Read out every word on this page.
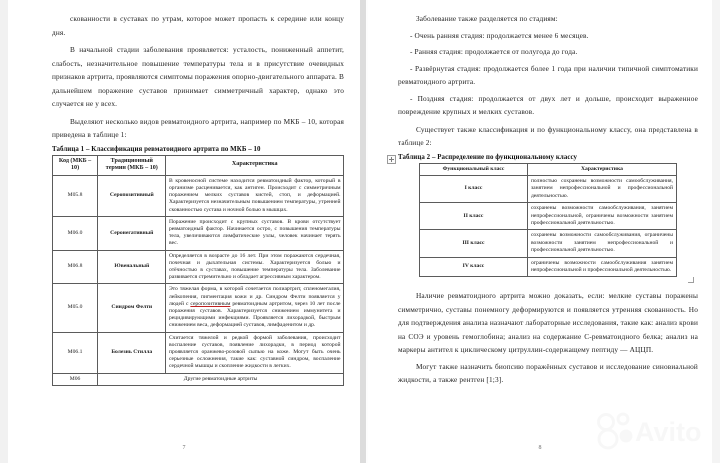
скованности в суставах по утрам, которое может пропасть к середине или концу дня.

В начальной стадии заболевания проявляется: усталость, пониженный аппетит, слабость, незначительное повышение температуры тела и в присутствие очевидных признаков артрита, проявляются симптомы поражения опорно-двигательного аппарата. В дальнейшем поражение суставов принимает симметричный характер, однако это случается не у всех.

Выделяют несколько видов ревматоидного артрита, например по МКБ – 10, которая приведена в таблице 1:

Таблица 1 – Классификация ревматоидного артрита по МКБ – 10
Код (МКБ – 10)	Традиционный термин (МКБ – 10)	Характеристика
М05.8	Серопозитивный	В кровеносной системе находится ревматоидный фактор, который в организме расценивается, как антиген. Происходит с симметричным поражением мелких суставов кистей, стоп, и деформацией. Характеризуется незначительным повышением температуры, утренней скованностью сустава и ночной болью в мышцах.
М06.0	Серонегативный	Поражение происходит с крупных суставов. В крови отсутствует ревматоидный фактор. Начинается остро, с повышения температуры тела, увеличиваются лимфатические узлы, человек начинает терять вес.
М06.8	Ювенальный	Определяется в возрасте до 16 лет. При этом поражаются сердечная, почечная и дыхательная системы. Характеризуется болью и отёчностью в суставах, повышение температуры тела. Заболевание развивается стремительно и обладает агрессивным характером.
М05.0	Синдром Фелти	Это тяжелая форма, в которой сочетается полиартрит, спленомегалия, лейкопения, пигментация кожи и др. Синдром Фелти появляется у людей с серопозитивным ревматоидным артритом, через 10 лет после поражения суставов. Характеризуется снижением иммунитета и рецидивирующими инфекциями. Проявляется лихорадкой, быстрым снижением веса, деформацией суставов, лимфаденитом и др.
М06.1	Болезнь Стилла	Считается тяжелой и редкой формой заболевания, происходит воспаление суставов, появление лихорадки, в период которой проявляется оранжево-розовой сыпью на коже. Могут быть очень серьезные осложнения, такие как: суставной синдром, воспаление сердечной мышцы и скопление жидкости в легких.
М06	Другие ревматоидные артриты	
7

Заболевание также разделяется по стадиям:

- Очень ранняя стадия: продолжается менее 6 месяцев.

- Ранняя стадия: продолжается от полугода до года.

- Развёрнутая стадия: продолжается более 1 года при наличии типичной симптоматики ревматоидного артрита.

- Поздняя стадия: продолжается от двух лет и дольше, происходит выраженное повреждение крупных и мелких суставов.

Существует также классификация и по функциональному классу, она представлена в таблице 2:

Таблица 2 – Распределение по функциональному классу
Функциональный класс	Характеристика
I класс	полностью сохранены возможности самообслуживания, занятием непрофессиональной и профессиональной деятельностью.
II класс	сохранены возможности самообслуживания, занятием непрофессиональной, ограничены возможности занятием профессиональной деятельностью.
III класс	сохранены возможности самообслуживания, ограничены возможности занятием непрофессиональной и профессиональной деятельностью.
IV класс	ограничены возможности самообслуживания занятием непрофессиональной и профессиональной деятельностью.

Наличие ревматоидного артрита можно доказать, если: мелкие суставы поражены симметрично, суставы понемногу деформируются и появляется утренняя скованность. Но для подтверждения анализа назначают лабораторные исследования, такие как: анализ крови на СОЭ и уровень гемоглобина; анализ на содержание С-ревматоидного белка; анализ на маркеры антител к циклическому цитруллин-содержащему пептиду — АЦЦП.

Могут также назначить биопсию поражённых суставов и исследование синовиальной жидкости, а также рентген [1;3].

8
Avito
